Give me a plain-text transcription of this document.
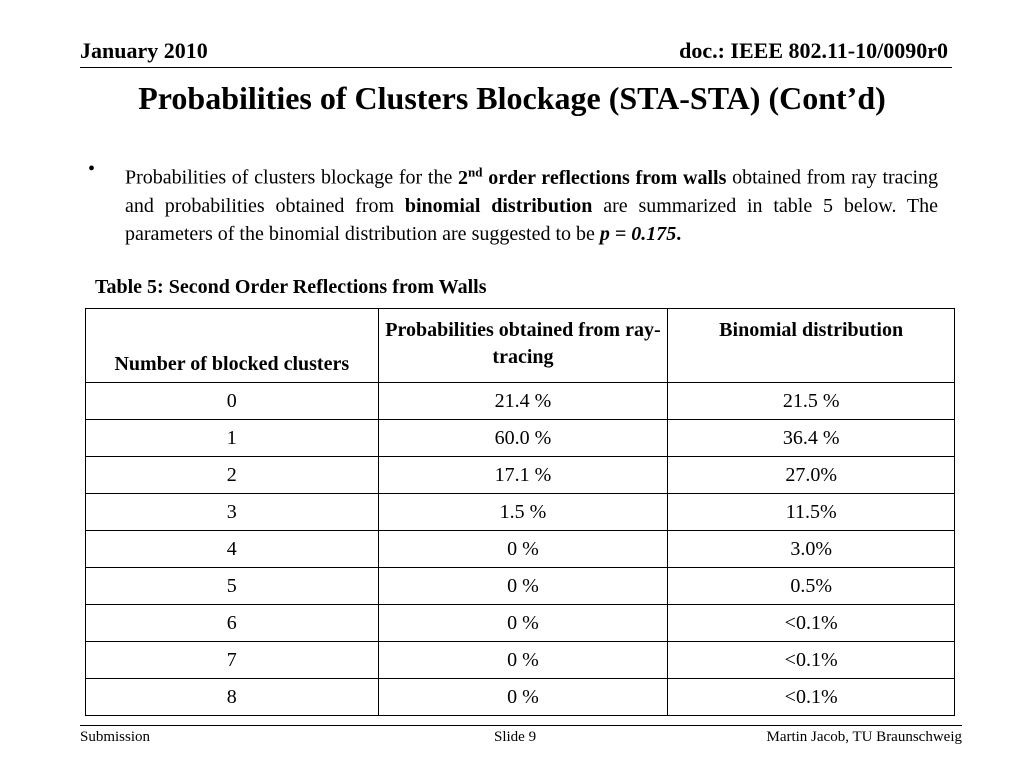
January 2010	doc.: IEEE 802.11-10/0090r0
Probabilities of Clusters Blockage (STA-STA) (Cont’d)
• Probabilities of clusters blockage for the 2nd order reflections from walls obtained from ray tracing and probabilities obtained from binomial distribution are summarized in table 5 below. The parameters of the binomial distribution are suggested to be p = 0.175.
Table 5: Second Order Reflections from Walls
Number of blocked clusters	Probabilities obtained from ray-tracing	Binomial distribution
0	21.4 %	21.5 %
1	60.0 %	36.4 %
2	17.1 %	27.0%
3	1.5 %	11.5%
4	0 %	3.0%
5	0 %	0.5%
6	0 %	<0.1%
7	0 %	<0.1%
8	0 %	<0.1%
Submission	Slide 9	Martin Jacob, TU Braunschweig
